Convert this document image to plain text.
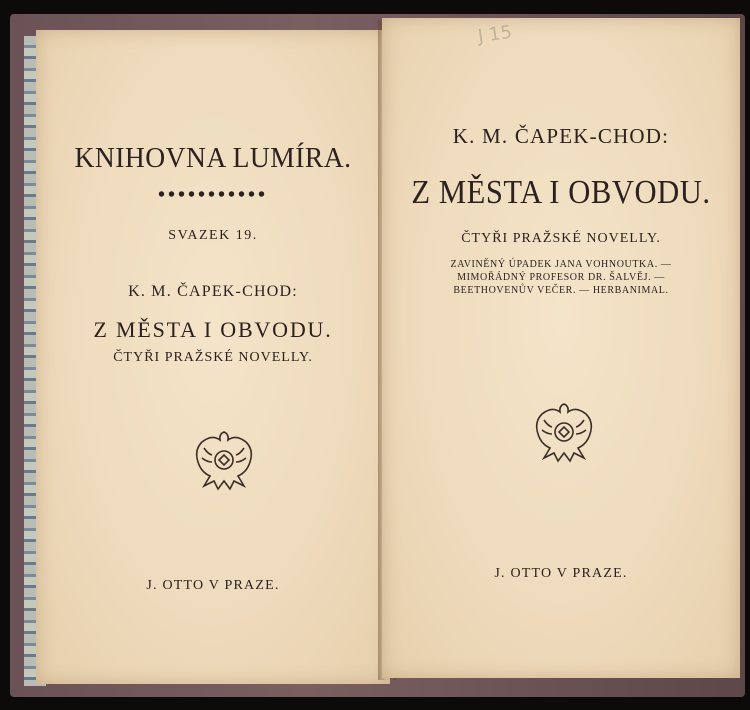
KNIHOVNA LUMÍRA.
•••••••••••
SVAZEK 19.
K. M. ČAPEK-CHOD:
Z MĚSTA I OBVODU.
ČTYŘI PRAŽSKÉ NOVELLY.
J. OTTO V PRAZE.
J 15
K. M. ČAPEK-CHOD:
Z MĚSTA I OBVODU.
ČTYŘI PRAŽSKÉ NOVELLY.
ZAVINĚNÝ ÚPADEK JANA VOHNOUTKA. —
MIMOŘÁDNÝ PROFESOR DR. ŠALVĚJ. —
BEETHOVENŮV VEČER. — HERBANIMAL.
J. OTTO V PRAZE.
